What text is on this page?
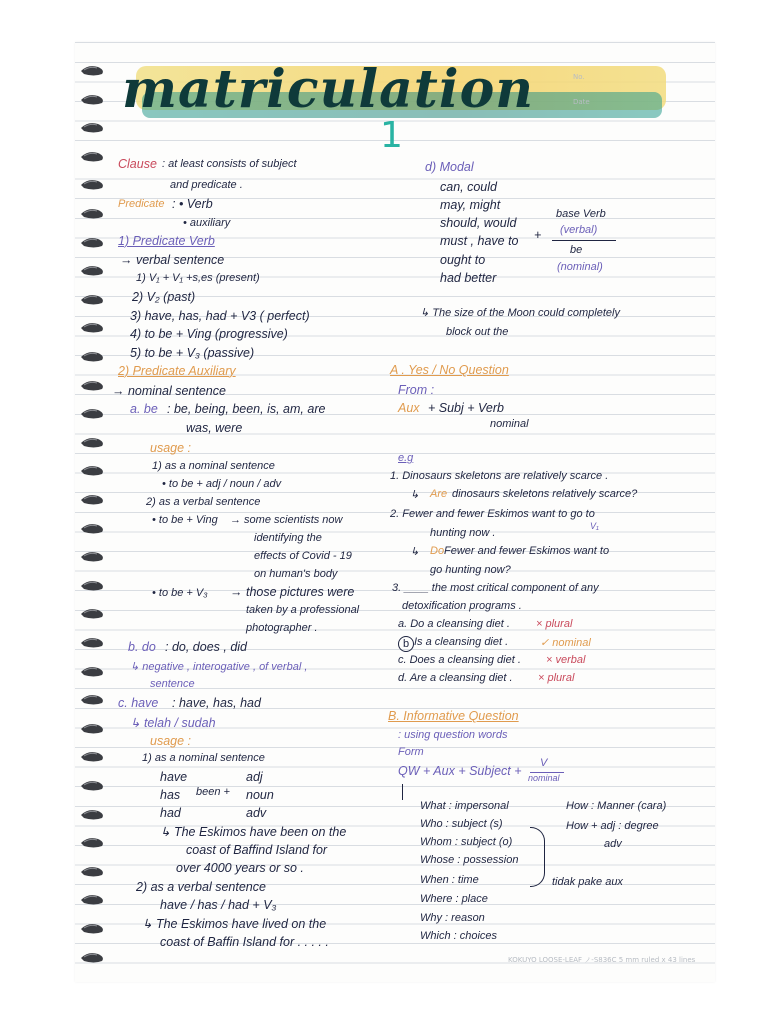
matriculation
1
No.
Date
KOKUYO LOOSE-LEAF ノ-S836C 5 mm ruled x 43 lines
Clause : at least consists of subject
and predicate .
Predicate : • Verb
• auxiliary
1) Predicate Verb
→ verbal sentence
1) V₁ + V₁ +s,es (present)
2) V₂ (past)
3) have, has, had + V3 ( perfect)
4) to be + Ving (progressive)
5) to be + V₃ (passive)
2) Predicate Auxiliary
→ nominal sentence
a. be : be, being, been, is, am, are
was, were
usage :
1) as a nominal sentence
• to be + adj / noun / adv
2) as a verbal sentence
• to be + Ving → some scientists now
identifying the
effects of Covid - 19
on human's body
• to be + V₃ → those pictures were
taken by a professional
photographer .
b. do : do, does , did
↳ negative , interogative , of verbal ,
sentence
c. have : have, has, had
↳ telah / sudah
usage :
1) as a nominal sentence
have	adj
has been + noun
had	adv
↳ The Eskimos have been on the
coast of Baffind Island for
over 4000 years or so .
2) as a verbal sentence
have / has / had + V₃
↳ The Eskimos have lived on the
coast of Baffin Island for . . . . .
d) Modal
can, could
may, might
should, would
must , have to
ought to
had better
+
base Verb
(verbal)
be
(nominal)
↳ The size of the Moon could completely
block out the
A . Yes / No Question
From :
Aux + Subj + Verb
nominal
e.g
1. Dinosaurs skeletons are relatively scarce .
↳ Are dinosaurs skeletons relatively scarce?
2. Fewer and fewer Eskimos want to go to
V₁
hunting now .
↳ Do Fewer and fewer Eskimos want to
go hunting now?
3. ____ the most critical component of any
detoxification programs .
a. Do a cleansing diet . × plural
b Is a cleansing diet .	✓ nominal
c. Does a cleansing diet . × verbal
d. Are a cleansing diet . × plural
B. Informative Question
: using question words
Form
QW + Aux + Subject +
V
nominal
What : impersonal
Who : subject (s)
Whom : subject (o)
Whose : possession
When : time
Where : place
Why : reason
Which : choices
How : Manner (cara)
How + adj : degree
adv
tidak pake aux
